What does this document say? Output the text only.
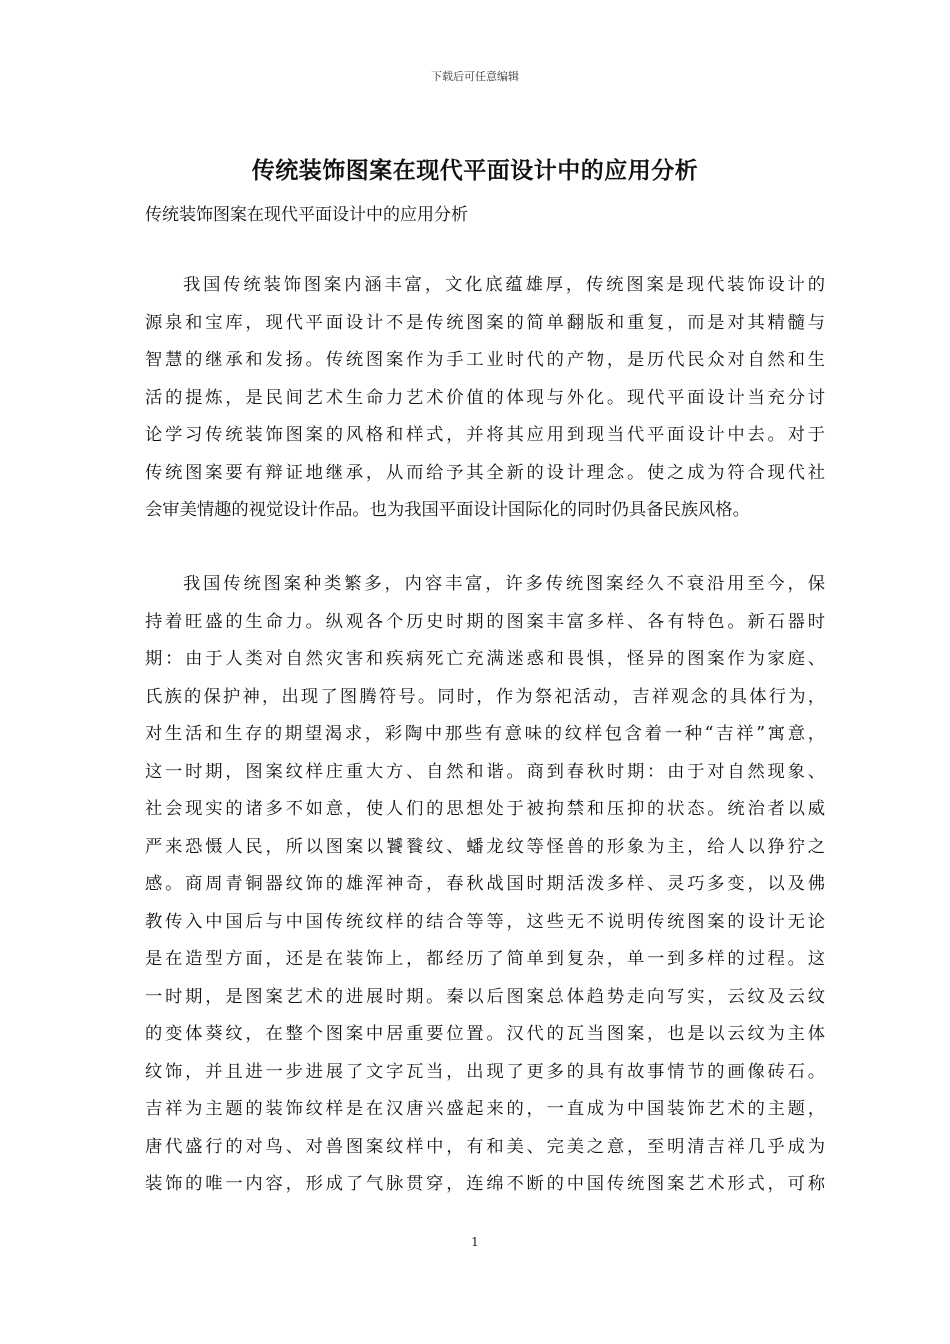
下载后可任意编辑
传统装饰图案在现代平面设计中的应用分析
传统装饰图案在现代平面设计中的应用分析
我国传统装饰图案内涵丰富，文化底蕴雄厚，传统图案是现代装饰设计的
源泉和宝库，现代平面设计不是传统图案的简单翻版和重复，而是对其精髓与
智慧的继承和发扬。传统图案作为手工业时代的产物，是历代民众对自然和生
活的提炼，是民间艺术生命力艺术价值的体现与外化。现代平面设计当充分讨
论学习传统装饰图案的风格和样式，并将其应用到现当代平面设计中去。对于
传统图案要有辩证地继承，从而给予其全新的设计理念。使之成为符合现代社
会审美情趣的视觉设计作品。也为我国平面设计国际化的同时仍具备民族风格。
我国传统图案种类繁多，内容丰富，许多传统图案经久不衰沿用至今，保
持着旺盛的生命力。纵观各个历史时期的图案丰富多样、各有特色。新石器时
期：由于人类对自然灾害和疾病死亡充满迷惑和畏惧，怪异的图案作为家庭、
氏族的保护神，出现了图腾符号。同时，作为祭祀活动，吉祥观念的具体行为，
对生活和生存的期望渴求，彩陶中那些有意味的纹样包含着一种“吉祥”寓意，
这一时期，图案纹样庄重大方、自然和谐。商到春秋时期：由于对自然现象、
社会现实的诸多不如意，使人们的思想处于被拘禁和压抑的状态。统治者以威
严来恐慑人民，所以图案以饕餮纹、蟠龙纹等怪兽的形象为主，给人以狰狞之
感。商周青铜器纹饰的雄浑神奇，春秋战国时期活泼多样、灵巧多变，以及佛
教传入中国后与中国传统纹样的结合等等，这些无不说明传统图案的设计无论
是在造型方面，还是在装饰上，都经历了简单到复杂，单一到多样的过程。这
一时期，是图案艺术的进展时期。秦以后图案总体趋势走向写实，云纹及云纹
的变体葵纹，在整个图案中居重要位置。汉代的瓦当图案，也是以云纹为主体
纹饰，并且进一步进展了文字瓦当，出现了更多的具有故事情节的画像砖石。
吉祥为主题的装饰纹样是在汉唐兴盛起来的，一直成为中国装饰艺术的主题，
唐代盛行的对鸟、对兽图案纹样中，有和美、完美之意，至明清吉祥几乎成为
装饰的唯一内容，形成了气脉贯穿，连绵不断的中国传统图案艺术形式，可称
1
